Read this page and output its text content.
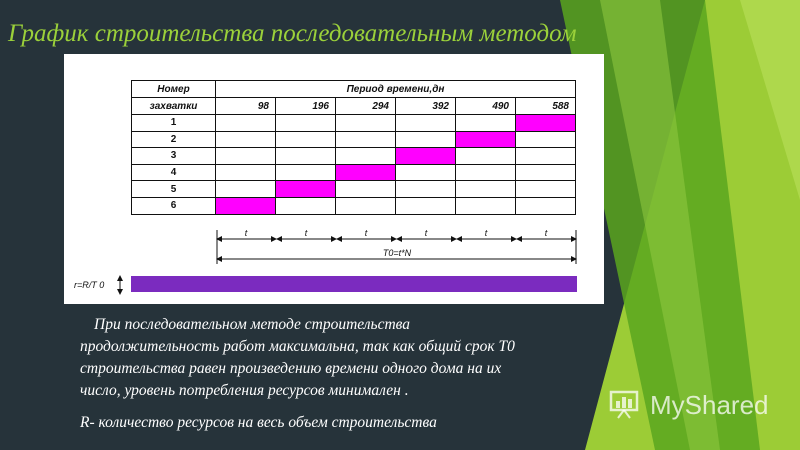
График строительства последовательным методом
Номер	Период времени,дн					
захватки	98	196	294	392	490	588
1						
2						
3						
4						
5						
6						
t	t	t	t	t	t
T0=t*N
r=R/T 0
При последовательном методе строительства
продолжительность работ максимальна, так как общий срок Т0
строительства равен произведению времени одного дома на их
число, уровень потребления ресурсов минимален .
R- количество ресурсов на весь объем строительства
MyShared
